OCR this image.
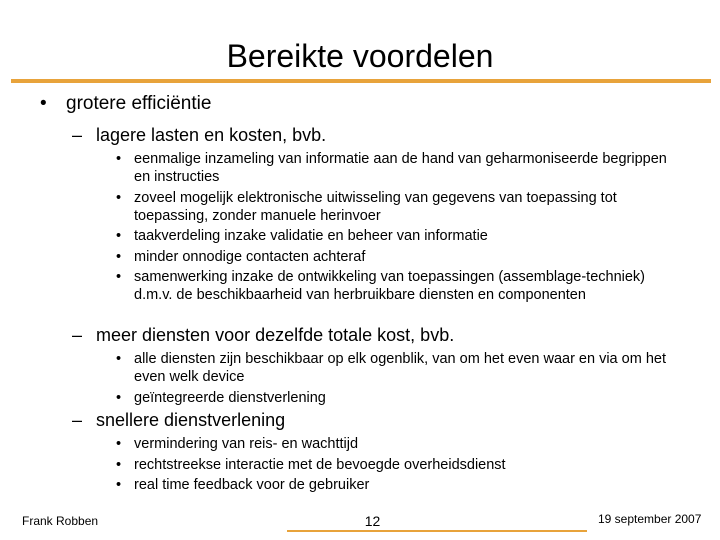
Bereikte voordelen
• grotere efficiëntie
– lagere lasten en kosten, bvb.
• eenmalige inzameling van informatie aan de hand van geharmoniseerde begrippen en instructies
• zoveel mogelijk elektronische uitwisseling van gegevens van toepassing tot toepassing, zonder manuele herinvoer
• taakverdeling inzake validatie en beheer van informatie
• minder onnodige contacten achteraf
• samenwerking inzake de ontwikkeling van toepassingen (assemblage-techniek) d.m.v. de beschikbaarheid van herbruikbare diensten en componenten
– meer diensten voor dezelfde totale kost, bvb.
• alle diensten zijn beschikbaar op elk ogenblik, van om het even waar en via om het even welk device
• geïntegreerde dienstverlening
– snellere dienstverlening
• vermindering van reis- en wachttijd
• rechtstreekse interactie met de bevoegde overheidsdienst
• real time feedback voor de gebruiker
Frank Robben	12	19 september 2007
